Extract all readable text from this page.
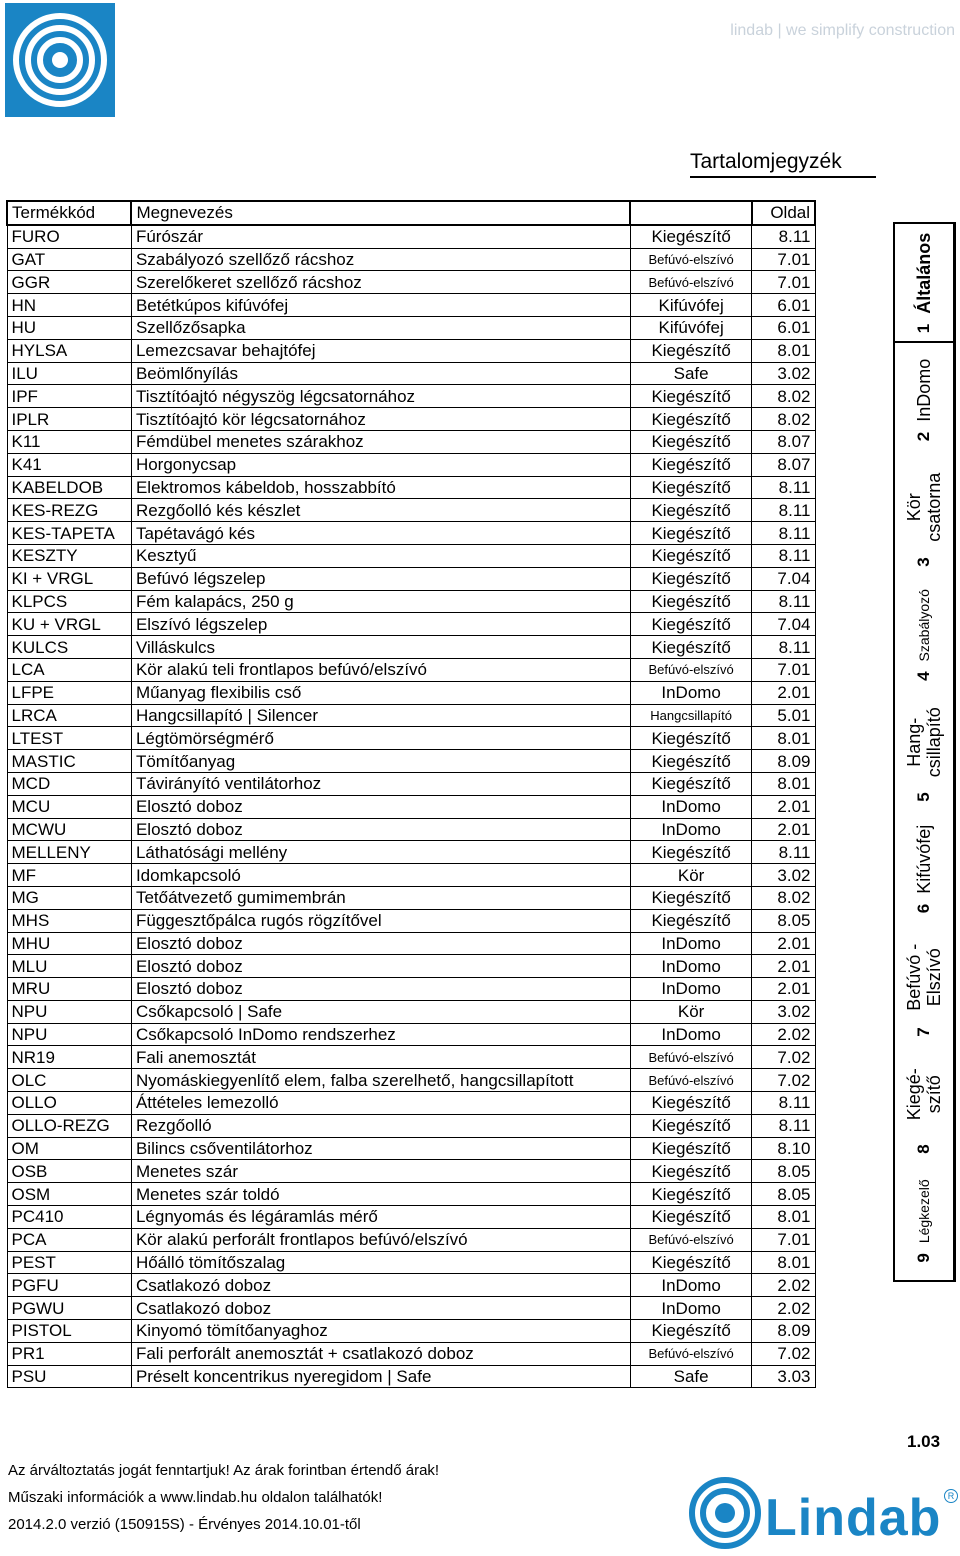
lindab | we simplify construction
Tartalomjegyzék
Termékkód	Megnevezés		Oldal
FURO	Fúrószár	Kiegészítő	8.11
GAT	Szabályozó szellőző rácshoz	Befúvó-elszívó	7.01
GGR	Szerelőkeret szellőző rácshoz	Befúvó-elszívó	7.01
HN	Betétkúpos kifúvófej	Kifúvófej	6.01
HU	Szellőzősapka	Kifúvófej	6.01
HYLSA	Lemezcsavar behajtófej	Kiegészítő	8.01
ILU	Beömlőnyílás	Safe	3.02
IPF	Tisztítóajtó négyszög légcsatornához	Kiegészítő	8.02
IPLR	Tisztítóajtó kör légcsatornához	Kiegészítő	8.02
K11	Fémdübel menetes szárakhoz	Kiegészítő	8.07
K41	Horgonycsap	Kiegészítő	8.07
KABELDOB	Elektromos kábeldob, hosszabbító	Kiegészítő	8.11
KES-REZG	Rezgőolló kés készlet	Kiegészítő	8.11
KES-TAPETA	Tapétavágó kés	Kiegészítő	8.11
KESZTY	Kesztyű	Kiegészítő	8.11
KI + VRGL	Befúvó légszelep	Kiegészítő	7.04
KLPCS	Fém kalapács, 250 g	Kiegészítő	8.11
KU + VRGL	Elszívó légszelep	Kiegészítő	7.04
KULCS	Villáskulcs	Kiegészítő	8.11
LCA	Kör alakú teli frontlapos befúvó/elszívó	Befúvó-elszívó	7.01
LFPE	Műanyag flexibilis cső	InDomo	2.01
LRCA	Hangcsillapító | Silencer	Hangcsillapító	5.01
LTEST	Légtömörségmérő	Kiegészítő	8.01
MASTIC	Tömítőanyag	Kiegészítő	8.09
MCD	Távirányító ventilátorhoz	Kiegészítő	8.01
MCU	Elosztó doboz	InDomo	2.01
MCWU	Elosztó doboz	InDomo	2.01
MELLENY	Láthatósági mellény	Kiegészítő	8.11
MF	Idomkapcsoló	Kör	3.02
MG	Tetőátvezető gumimembrán	Kiegészítő	8.02
MHS	Függesztőpálca rugós rögzítővel	Kiegészítő	8.05
MHU	Elosztó doboz	InDomo	2.01
MLU	Elosztó doboz	InDomo	2.01
MRU	Elosztó doboz	InDomo	2.01
NPU	Csőkapcsoló | Safe	Kör	3.02
NPU	Csőkapcsoló InDomo rendszerhez	InDomo	2.02
NR19	Fali anemosztát	Befúvó-elszívó	7.02
OLC	Nyomáskiegyenlítő elem, falba szerelhető, hangcsillapított	Befúvó-elszívó	7.02
OLLO	Áttételes lemezolló	Kiegészítő	8.11
OLLO-REZG	Rezgőolló	Kiegészítő	8.11
OM	Bilincs csőventilátorhoz	Kiegészítő	8.10
OSB	Menetes szár	Kiegészítő	8.05
OSM	Menetes szár toldó	Kiegészítő	8.05
PC410	Légnyomás és légáramlás mérő	Kiegészítő	8.01
PCA	Kör alakú perforált frontlapos befúvó/elszívó	Befúvó-elszívó	7.01
PEST	Hőálló tömítőszalag	Kiegészítő	8.01
PGFU	Csatlakozó doboz	InDomo	2.02
PGWU	Csatlakozó doboz	InDomo	2.02
PISTOL	Kinyomó tömítőanyaghoz	Kiegészítő	8.09
PR1	Fali perforált anemosztát + csatlakozó doboz	Befúvó-elszívó	7.02
PSU	Préselt koncentrikus nyeregidom | Safe	Safe	3.03
1
Általános
2
InDomo
3
Kör csatorna
4
Szabályozó
5
Hang- csillapító
6
Kifúvófej
7
Befúvó - Elszívó
8
Kiegé- szítő
9
Légkezelő
1.03
Az árváltoztatás jogát fenntartjuk! Az árak forintban értendő árak!
Műszaki információk a www.lindab.hu oldalon találhatók!
2014.2.0 verzió (150915S) - Érvényes 2014.10.01-től	Lindab R
